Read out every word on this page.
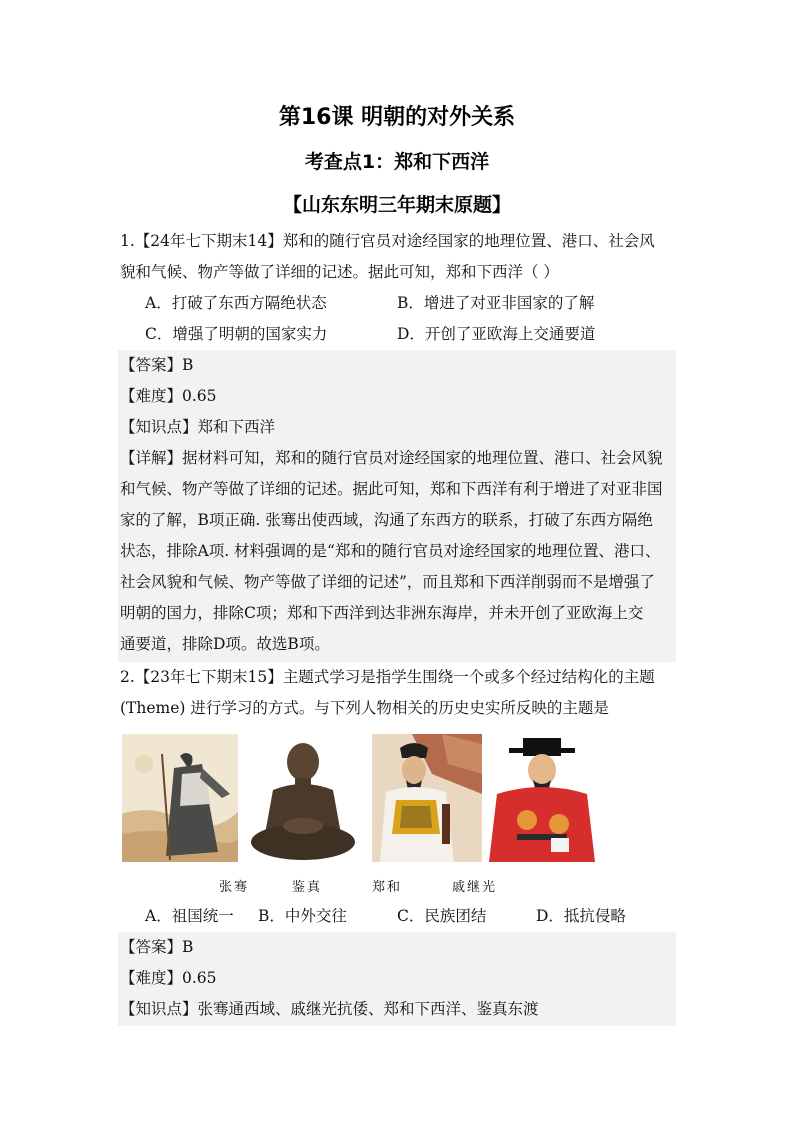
第16课 明朝的对外关系
考查点1：郑和下西洋
【山东东明三年期末原题】
1.【24年七下期末14】郑和的随行官员对途经国家的地理位置、港口、社会风
貌和气候、物产等做了详细的记述。据此可知，郑和下西洋（ ）
A．打破了东西方隔绝状态	B．增进了对亚非国家的了解
C．增强了明朝的国家实力	D．开创了亚欧海上交通要道
【答案】B
【难度】0.65
【知识点】郑和下西洋
【详解】据材料可知，郑和的随行官员对途经国家的地理位置、港口、社会风貌
和气候、物产等做了详细的记述。据此可知，郑和下西洋有利于增进了对亚非国
家的了解，B项正确. 张骞出使西域，沟通了东西方的联系，打破了东西方隔绝
状态，排除A项. 材料强调的是“郑和的随行官员对途经国家的地理位置、港口、
社会风貌和气候、物产等做了详细的记述”，而且郑和下西洋削弱而不是增强了
明朝的国力，排除C项；郑和下西洋到达非洲东海岸，并未开创了亚欧海上交
通要道，排除D项。故选B项。
2.【23年七下期末15】主题式学习是指学生围绕一个或多个经过结构化的主题
(Theme) 进行学习的方式。与下列人物相关的历史史实所反映的主题是
张骞	鉴真	郑和	戚继光
A．祖国统一 B．中外交往	C．民族团结	D．抵抗侵略
【答案】B
【难度】0.65
【知识点】张骞通西域、戚继光抗倭、郑和下西洋、鉴真东渡
